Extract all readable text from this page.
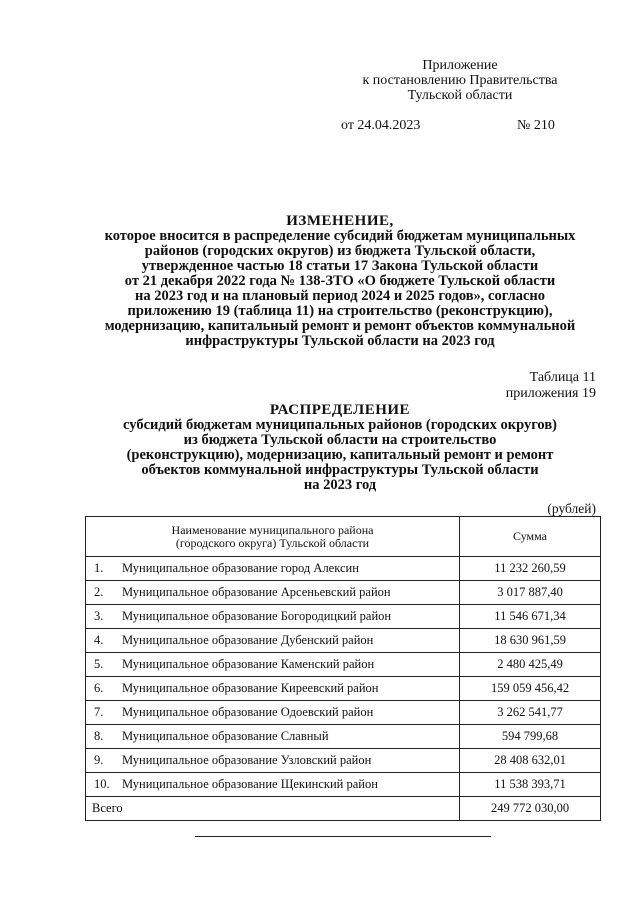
Приложение
к постановлению Правительства
Тульской области
от 24.04.2023	№ 210
ИЗМЕНЕНИЕ,
которое вносится в распределение субсидий бюджетам муниципальных
районов (городских округов) из бюджета Тульской области,
утвержденное частью 18 статьи 17 Закона Тульской области
от 21 декабря 2022 года № 138-ЗТО «О бюджете Тульской области
на 2023 год и на плановый период 2024 и 2025 годов», согласно
приложению 19 (таблица 11) на строительство (реконструкцию),
модернизацию, капитальный ремонт и ремонт объектов коммунальной
инфраструктуры Тульской области на 2023 год
Таблица 11
приложения 19
РАСПРЕДЕЛЕНИЕ
субсидий бюджетам муниципальных районов (городских округов)
из бюджета Тульской области на строительство
(реконструкцию), модернизацию, капитальный ремонт и ремонт
объектов коммунальной инфраструктуры Тульской области
на 2023 год
(рублей)
Наименование муниципального района
(городского округа) Тульской области		Сумма
1.	Муниципальное образование город Алексин	11 232 260,59
2.	Муниципальное образование Арсеньевский район	3 017 887,40
3.	Муниципальное образование Богородицкий район	11 546 671,34
4.	Муниципальное образование Дубенский район	18 630 961,59
5.	Муниципальное образование Каменский район	2 480 425,49
6.	Муниципальное образование Киреевский район	159 059 456,42
7.	Муниципальное образование Одоевский район	3 262 541,77
8.	Муниципальное образование Славный	594 799,68
9.	Муниципальное образование Узловский район	28 408 632,01
10.	Муниципальное образование Щекинский район	11 538 393,71
Всего		249 772 030,00
